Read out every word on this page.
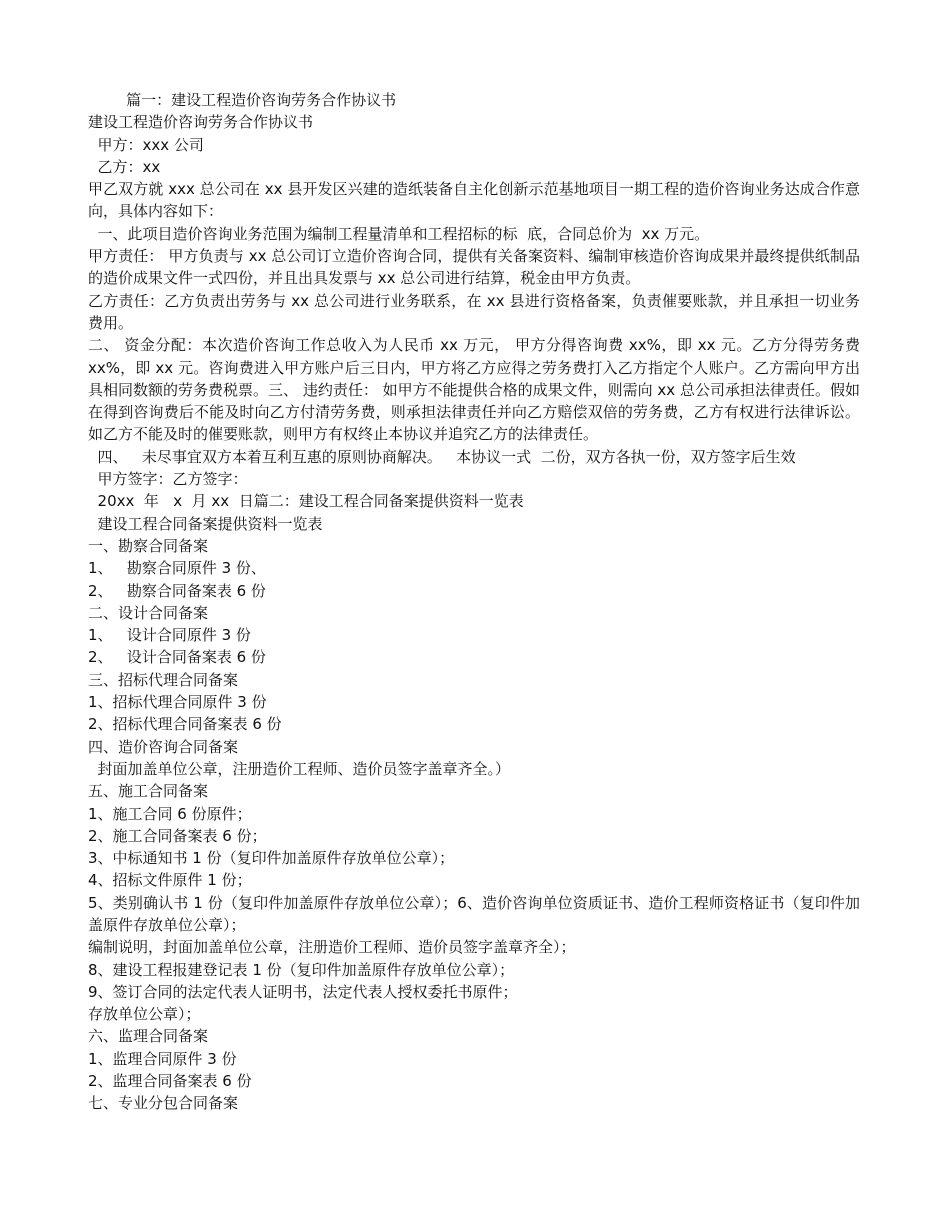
篇一：建设工程造价咨询劳务合作协议书
建设工程造价咨询劳务合作协议书
甲方：xxx 公司
乙方：xx
甲乙双方就 xxx 总公司在 xx 县开发区兴建的造纸装备自主化创新示范基地项目一期工程的造价咨询业务达成合作意向，具体内容如下：
一、此项目造价咨询业务范围为编制工程量清单和工程招标的标  底，合同总价为  xx 万元。
甲方责任： 甲方负责与 xx 总公司订立造价咨询合同，提供有关备案资料、编制审核造价咨询成果并最终提供纸制品的造价成果文件一式四份，并且出具发票与 xx 总公司进行结算，税金由甲方负责。
乙方责任：乙方负责出劳务与 xx 总公司进行业务联系，在 xx 县进行资格备案，负责催要账款，并且承担一切业务费用。
二、 资金分配：本次造价咨询工作总收入为人民币 xx 万元， 甲方分得咨询费 xx%，即 xx 元。乙方分得劳务费 xx%，即 xx 元。咨询费进入甲方账户后三日内，甲方将乙方应得之劳务费打入乙方指定个人账户。乙方需向甲方出具相同数额的劳务费税票。三、 违约责任： 如甲方不能提供合格的成果文件，则需向 xx 总公司承担法律责任。假如在得到咨询费后不能及时向乙方付清劳务费，则承担法律责任并向乙方赔偿双倍的劳务费，乙方有权进行法律诉讼。 如乙方不能及时的催要账款，则甲方有权终止本协议并追究乙方的法律责任。
四、   未尽事宜双方本着互利互惠的原则协商解决。   本协议一式  二份，双方各执一份，双方签字后生效
甲方签字：乙方签字：
20xx  年   x  月 xx  日篇二：建设工程合同备案提供资料一览表
建设工程合同备案提供资料一览表
一、勘察合同备案
1、   勘察合同原件 3 份、
2、   勘察合同备案表 6 份
二、设计合同备案
1、   设计合同原件 3 份
2、   设计合同备案表 6 份
三、招标代理合同备案
1、招标代理合同原件 3 份
2、招标代理合同备案表 6 份
四、造价咨询合同备案
封面加盖单位公章，注册造价工程师、造价员签字盖章齐全。）
五、施工合同备案
1、施工合同 6 份原件；
2、施工合同备案表 6 份；
3、中标通知书 1 份（复印件加盖原件存放单位公章）；
4、招标文件原件 1 份；
5、类别确认书 1 份（复印件加盖原件存放单位公章）；6、造价咨询单位资质证书、造价工程师资格证书（复印件加盖原件存放单位公章）；
编制说明，封面加盖单位公章，注册造价工程师、造价员签字盖章齐全）；
8、建设工程报建登记表 1 份（复印件加盖原件存放单位公章）；
9、签订合同的法定代表人证明书，法定代表人授权委托书原件；
存放单位公章）；
六、监理合同备案
1、监理合同原件 3 份
2、监理合同备案表 6 份
七、专业分包合同备案
